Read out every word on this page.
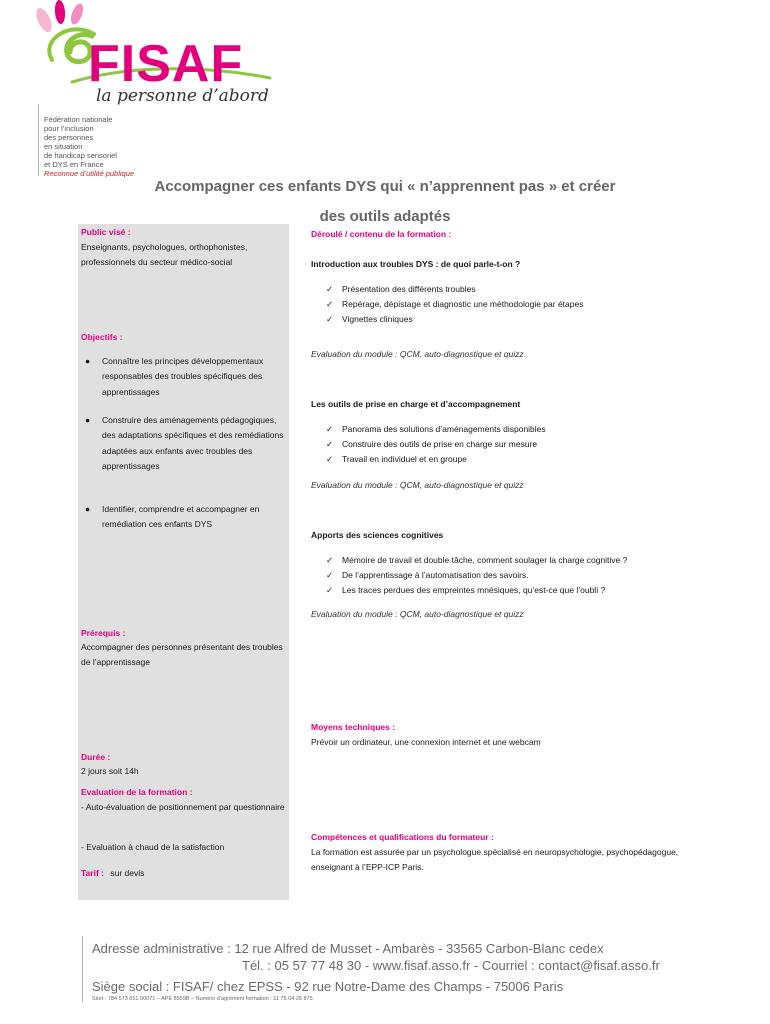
FISAF
la personne d’abord
Fédération nationale
pour l’inclusion
des personnes
en situation
de handicap sensoriel
et DYS en France
Reconnue d’utilité publique
Accompagner ces enfants DYS qui « n’apprennent pas » et créer
des outils adaptés
Public visé :
Enseignants, psychologues, orthophonistes, professionnels du secteur médico-social
Objectifs :
● Connaître les principes développementaux responsables des troubles spécifiques des apprentissages
● Construire des aménagements pédagogiques, des adaptations spécifiques et des remédiations adaptées aux enfants avec troubles des apprentissages
● Identifier, comprendre et accompagner en remédiation ces enfants DYS
Prérequis :
Accompagner des personnes présentant des troubles de l’apprentissage
Durée :
2 jours soit 14h
Evaluation de la formation :
- Auto-évaluation de positionnement par questionnaire
- Evaluation à chaud de la satisfaction
Tarif : sur devis
Déroulé / contenu de la formation :
Introduction aux troubles DYS : de quoi parle-t-on ?
✓ Présentation des différents troubles
✓ Repérage, dépistage et diagnostic une méthodologie par étapes
✓ Vignettes cliniques
Evaluation du module : QCM, auto-diagnostique et quizz
Les outils de prise en charge et d’accompagnement
✓ Panorama des solutions d’aménagements disponibles
✓ Construire des outils de prise en charge sur mesure
✓ Travail en individuel et en groupe
Evaluation du module : QCM, auto-diagnostique et quizz
Apports des sciences cognitives
✓ Mémoire de travail et double tâche, comment soulager la charge cognitive ?
✓ De l’apprentissage à l’automatisation des savoirs.
✓ Les traces perdues des empreintes mnésiques, qu’est-ce que l’oubli ?
Evaluation du module : QCM, auto-diagnostique et quizz
Moyens techniques :
Prévoir un ordinateur, une connexion internet et une webcam
Compétences et qualifications du formateur :
La formation est assurée par un psychologue spécialisé en neuropsychologie, psychopédagogue, enseignant à l’EPP-ICP Paris.
Adresse administrative : 12 rue Alfred de Musset - Ambarès - 33565 Carbon-Blanc cedex
Tél. : 05 57 77 48 30 - www.fisaf.asso.fr - Courriel : contact@fisaf.asso.fr
Siège social : FISAF/ chez EPSS - 92 rue Notre-Dame des Champs - 75006 Paris
Siret : 784 573 651 00071 – APE 8559B – Numéro d’agrément formation : 11 75 04 25 875
